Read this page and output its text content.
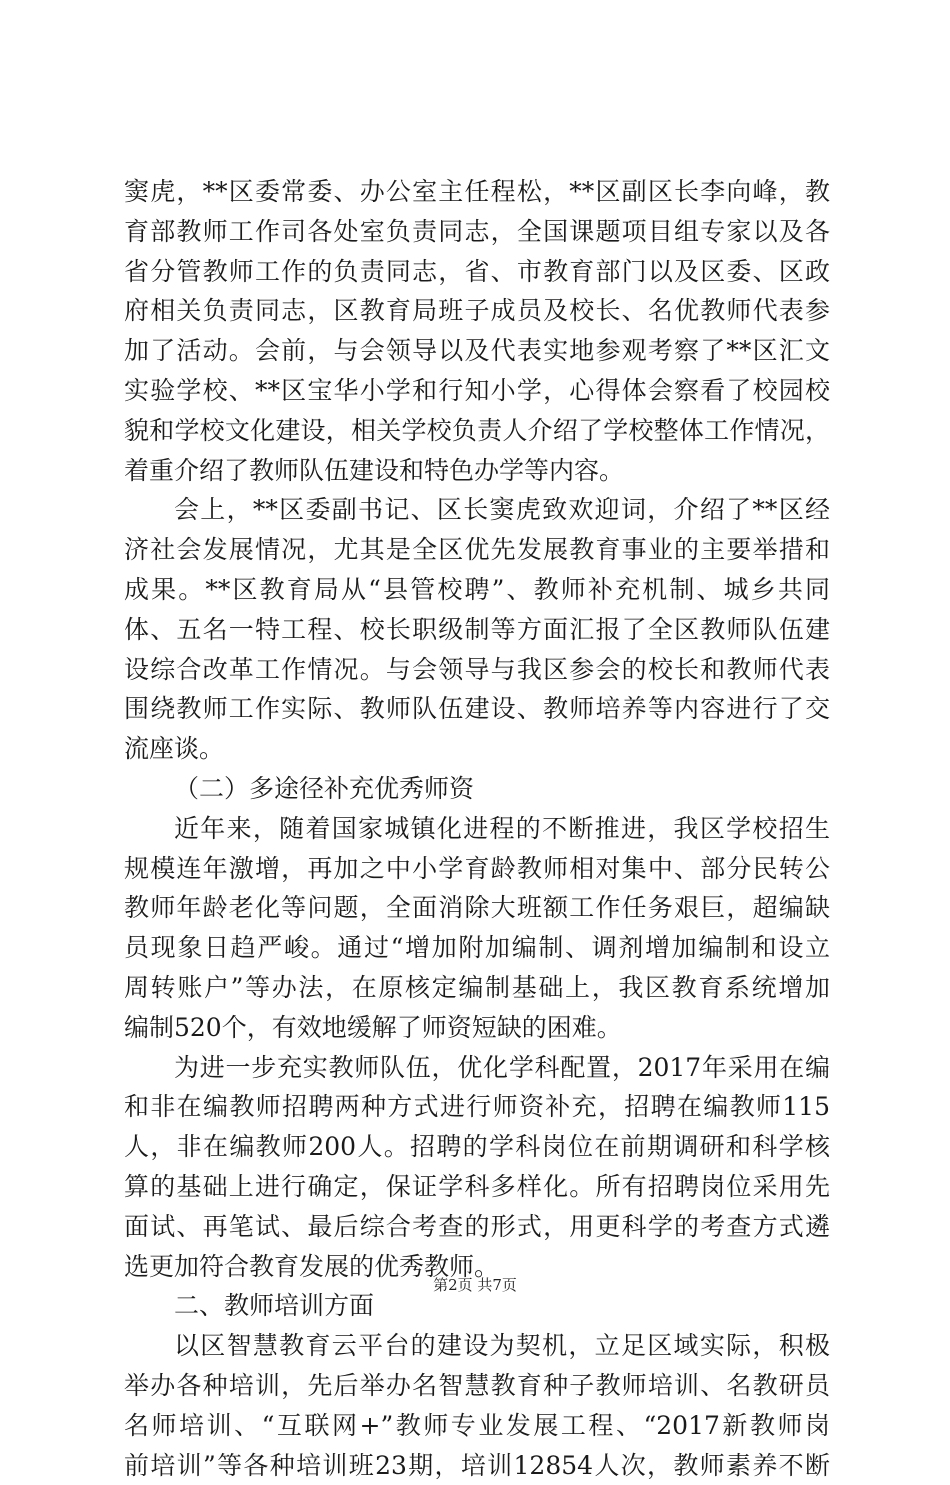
窦虎，**区委常委、办公室主任程松，**区副区长李向峰，教
育部教师工作司各处室负责同志，全国课题项目组专家以及各
省分管教师工作的负责同志，省、市教育部门以及区委、区政
府相关负责同志，区教育局班子成员及校长、名优教师代表参
加了活动。会前，与会领导以及代表实地参观考察了**区汇文
实验学校、**区宝华小学和行知小学，心得体会察看了校园校
貌和学校文化建设，相关学校负责人介绍了学校整体工作情况，
着重介绍了教师队伍建设和特色办学等内容。
会上，**区委副书记、区长窦虎致欢迎词，介绍了**区经
济社会发展情况，尤其是全区优先发展教育事业的主要举措和
成果。**区教育局从“县管校聘”、教师补充机制、城乡共同
体、五名一特工程、校长职级制等方面汇报了全区教师队伍建
设综合改革工作情况。与会领导与我区参会的校长和教师代表
围绕教师工作实际、教师队伍建设、教师培养等内容进行了交
流座谈。
（二）多途径补充优秀师资
近年来，随着国家城镇化进程的不断推进，我区学校招生
规模连年激增，再加之中小学育龄教师相对集中、部分民转公
教师年龄老化等问题，全面消除大班额工作任务艰巨，超编缺
员现象日趋严峻。通过“增加附加编制、调剂增加编制和设立
周转账户”等办法，在原核定编制基础上，我区教育系统增加
编制520个，有效地缓解了师资短缺的困难。
为进一步充实教师队伍，优化学科配置，2017年采用在编
和非在编教师招聘两种方式进行师资补充，招聘在编教师115
人，非在编教师200人。招聘的学科岗位在前期调研和科学核
算的基础上进行确定，保证学科多样化。所有招聘岗位采用先
面试、再笔试、最后综合考查的形式，用更科学的考查方式遴
选更加符合教育发展的优秀教师。
二、教师培训方面
以区智慧教育云平台的建设为契机，立足区域实际，积极
举办各种培训，先后举办名智慧教育种子教师培训、名教研员
名师培训、“互联网+”教师专业发展工程、“2017新教师岗
前培训”等各种培训班23期，培训12854人次，教师素养不断
第2页 共7页
